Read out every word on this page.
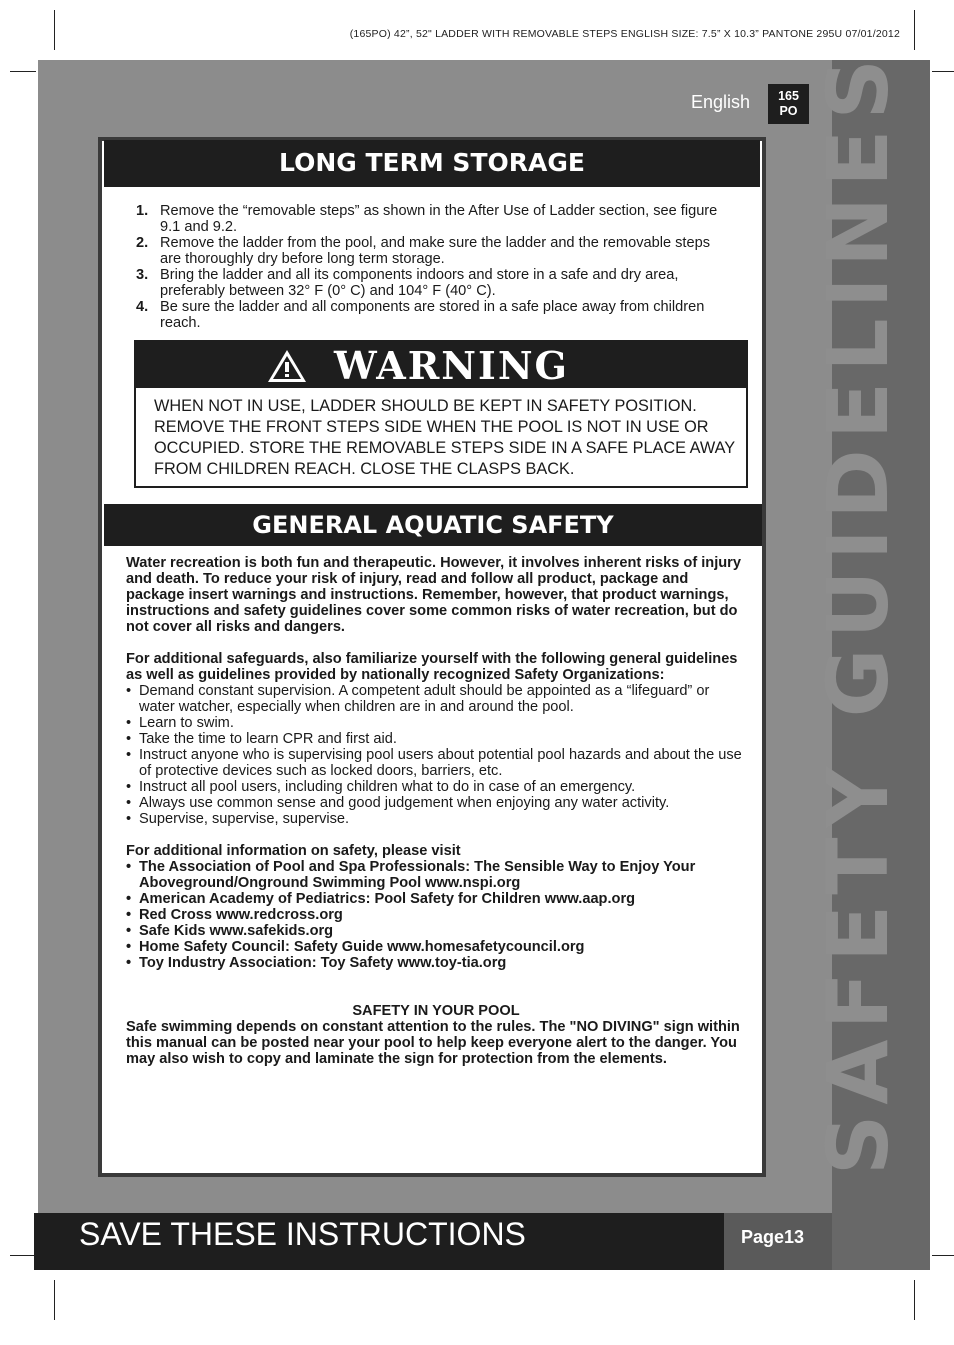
(165PO) 42”, 52" LADDER WITH REMOVABLE STEPS ENGLISH SIZE: 7.5” X 10.3” PANTONE 295U 07/01/2012
SAFETY GUIDELINES
English	165
PO
LONG TERM STORAGE
1. Remove the “removable steps” as shown in the After Use of Ladder section, see figure 9.1 and 9.2.
2. Remove the ladder from the pool, and make sure the ladder and the removable steps are thoroughly dry before long term storage.
3. Bring the ladder and all its components indoors and store in a safe and dry area, preferably between 32° F (0° C) and 104° F (40° C).
4. Be sure the ladder and all components are stored in a safe place away from children reach.
WARNING
WHEN NOT IN USE, LADDER SHOULD BE KEPT IN SAFETY POSITION. REMOVE THE FRONT STEPS SIDE WHEN THE POOL IS NOT IN USE OR OCCUPIED. STORE THE REMOVABLE STEPS SIDE IN A SAFE PLACE AWAY FROM CHILDREN REACH. CLOSE THE CLASPS BACK.
GENERAL AQUATIC SAFETY

Water recreation is both fun and therapeutic. However, it involves inherent risks of injury and death. To reduce your risk of injury, read and follow all product, package and package insert warnings and instructions. Remember, however, that product warnings, instructions and safety guidelines cover some common risks of water recreation, but do not cover all risks and dangers.

For additional safeguards, also familiarize yourself with the following general guidelines as well as guidelines provided by nationally recognized Safety Organizations:

• Demand constant supervision. A competent adult should be appointed as a “lifeguard” or water watcher, especially when children are in and around the pool.
• Learn to swim.
• Take the time to learn CPR and first aid.
• Instruct anyone who is supervising pool users about potential pool hazards and about the use of protective devices such as locked doors, barriers, etc.
• Instruct all pool users, including children what to do in case of an emergency.
• Always use common sense and good judgement when enjoying any water activity.
• Supervise, supervise, supervise.

For additional information on safety, please visit

• The Association of Pool and Spa Professionals: The Sensible Way to Enjoy Your Aboveground/Onground Swimming Pool www.nspi.org
• American Academy of Pediatrics: Pool Safety for Children www.aap.org
• Red Cross www.redcross.org
• Safe Kids www.safekids.org
• Home Safety Council: Safety Guide www.homesafetycouncil.org
• Toy Industry Association: Toy Safety www.toy-tia.org

SAFETY IN YOUR POOL

Safe swimming depends on constant attention to the rules. The "NO DIVING" sign within this manual can be posted near your pool to help keep everyone alert to the danger. You may also wish to copy and laminate the sign for protection from the elements.

SAVE THESE INSTRUCTIONS	Page13
